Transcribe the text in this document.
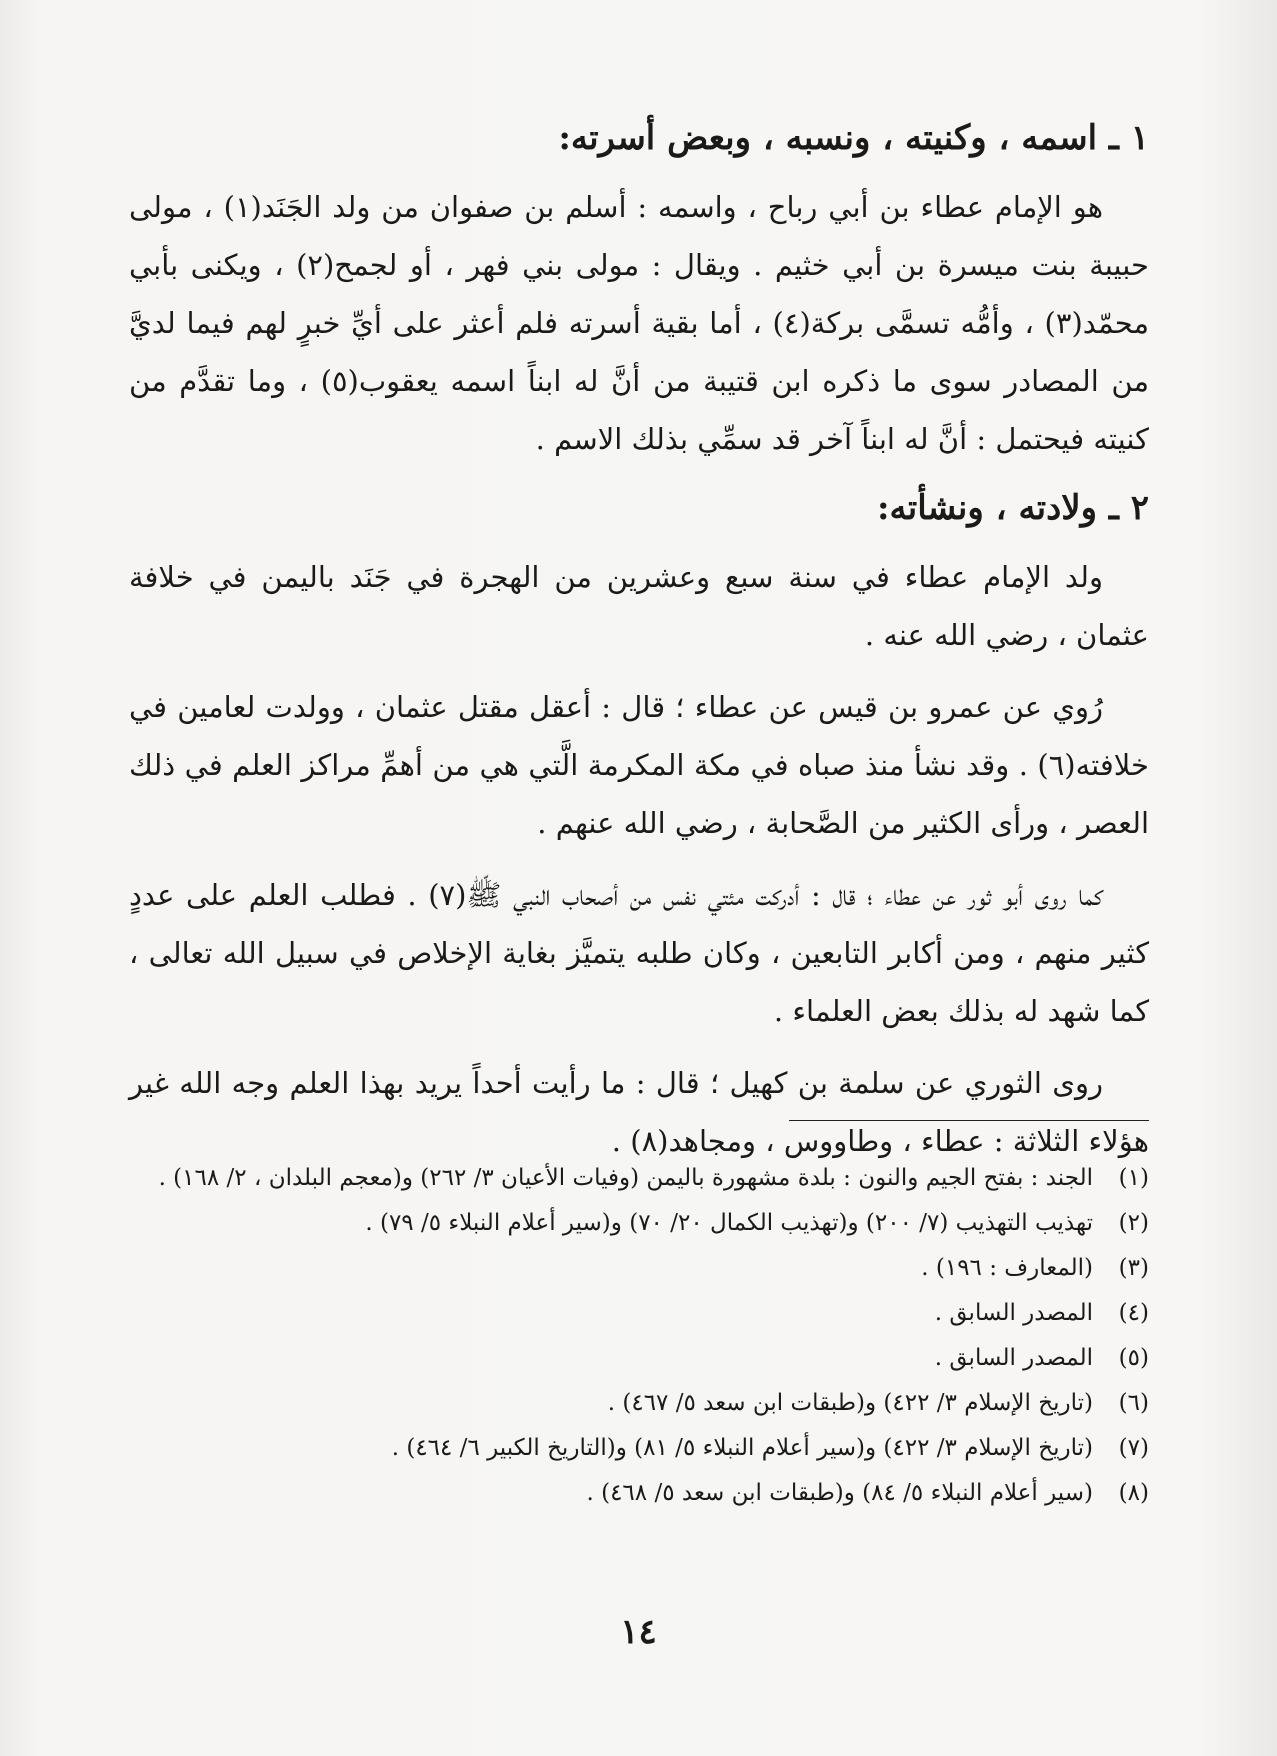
١ ـ اسمه ، وكنيته ، ونسبه ، وبعض أسرته:

هو الإمام عطاء بن أبي رباح ، واسمه : أسلم بن صفوان من ولد الجَنَد(١) ، مولى حبيبة بنت ميسرة بن أبي خثيم . ويقال : مولى بني فهر ، أو لجمح(٢) ، ويكنى بأبي محمّد(٣) ، وأمُّه تسمَّى بركة(٤) ، أما بقية أسرته فلم أعثر على أيِّ خبرٍ لهم فيما لديَّ من المصادر سوى ما ذكره ابن قتيبة من أنَّ له ابناً اسمه يعقوب(٥) ، وما تقدَّم من كنيته فيحتمل : أنَّ له ابناً آخر قد سمِّي بذلك الاسم .

٢ ـ ولادته ، ونشأته:

ولد الإمام عطاء في سنة سبع وعشرين من الهجرة في جَنَد باليمن في خلافة عثمان ، رضي الله عنه .

رُوي عن عمرو بن قيس عن عطاء ؛ قال : أعقل مقتل عثمان ، وولدت لعامين في خلافته(٦) . وقد نشأ منذ صباه في مكة المكرمة الَّتي هي من أهمِّ مراكز العلم في ذلك العصر ، ورأى الكثير من الصَّحابة ، رضي الله عنهم .

كما روى أبو ثور عن عطاء ؛ قال : أدركت مئتي نفس من أصحاب النبي ﷺ(٧) . فطلب العلم على عددٍ كثير منهم ، ومن أكابر التابعين ، وكان طلبه يتميَّز بغاية الإخلاص في سبيل الله تعالى ، كما شهد له بذلك بعض العلماء .

روى الثوري عن سلمة بن كهيل ؛ قال : ما رأيت أحداً يريد بهذا العلم وجه الله غير هؤلاء الثلاثة : عطاء ، وطاووس ، ومجاهد(٨) .

(١)
الجند : بفتح الجيم والنون : بلدة مشهورة باليمن (وفيات الأعيان ٣/ ٢٦٢) و(معجم البلدان ، ٢/ ١٦٨) .
(٢)
تهذيب التهذيب (٧/ ٢٠٠) و(تهذيب الكمال ٢٠/ ٧٠) و(سير أعلام النبلاء ٥/ ٧٩) .
(٣)
(المعارف : ١٩٦) .
(٤)
المصدر السابق .
(٥)
المصدر السابق .
(٦)
(تاريخ الإسلام ٣/ ٤٢٢) و(طبقات ابن سعد ٥/ ٤٦٧) .
(٧)
(تاريخ الإسلام ٣/ ٤٢٢) و(سير أعلام النبلاء ٥/ ٨١) و(التاريخ الكبير ٦/ ٤٦٤) .
(٨)
(سير أعلام النبلاء ٥/ ٨٤) و(طبقات ابن سعد ٥/ ٤٦٨) .
١٤
